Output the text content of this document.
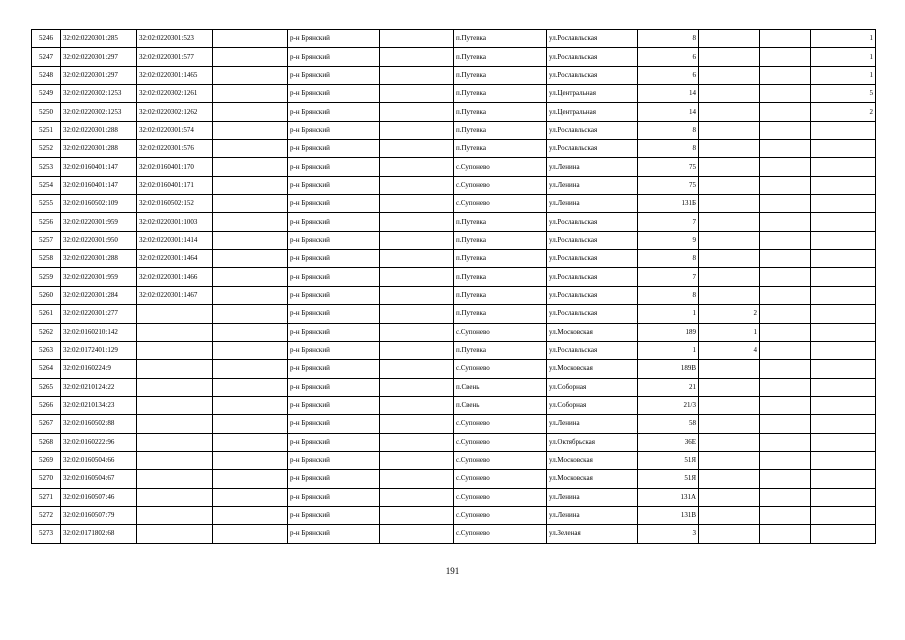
5246	32:02:0220301:285	32:02:0220301:523		р-н Брянский		п.Путевка	ул.Рославльская	8			1
5247	32:02:0220301:297	32:02:0220301:577		р-н Брянский		п.Путевка	ул.Рославльская	6			1
5248	32:02:0220301:297	32:02:0220301:1465		р-н Брянский		п.Путевка	ул.Рославльская	6			1
5249	32:02:0220302:1253	32:02:0220302:1261		р-н Брянский		п.Путевка	ул.Центральная	14			5
5250	32:02:0220302:1253	32:02:0220302:1262		р-н Брянский		п.Путевка	ул.Центральная	14			2
5251	32:02:0220301:288	32:02:0220301:574		р-н Брянский		п.Путевка	ул.Рославльская	8			
5252	32:02:0220301:288	32:02:0220301:576		р-н Брянский		п.Путевка	ул.Рославльская	8			
5253	32:02:0160401:147	32:02:0160401:170		р-н Брянский		с.Супонево	ул.Ленина	75			
5254	32:02:0160401:147	32:02:0160401:171		р-н Брянский		с.Супонево	ул.Ленина	75			
5255	32:02:0160502:109	32:02:0160502:152		р-н Брянский		с.Супонево	ул.Ленина	131Б			
5256	32:02:0220301:959	32:02:0220301:1003		р-н Брянский		п.Путевка	ул.Рославльская	7			
5257	32:02:0220301:950	32:02:0220301:1414		р-н Брянский		п.Путевка	ул.Рославльская	9			
5258	32:02:0220301:288	32:02:0220301:1464		р-н Брянский		п.Путевка	ул.Рославльская	8			
5259	32:02:0220301:959	32:02:0220301:1466		р-н Брянский		п.Путевка	ул.Рославльская	7			
5260	32:02:0220301:284	32:02:0220301:1467		р-н Брянский		п.Путевка	ул.Рославльская	8			
5261	32:02:0220301:277			р-н Брянский		п.Путевка	ул.Рославльская	1	2		
5262	32:02:0160210:142			р-н Брянский		с.Супонево	ул.Московская	189	1		
5263	32:02:0172401:129			р-н Брянский		п.Путевка	ул.Рославльская	1	4		
5264	32:02:0160224:9			р-н Брянский		с.Супонево	ул.Московская	189В			
5265	32:02:0210124:22			р-н Брянский		п.Свень	ул.Соборная	21			
5266	32:02:0210134:23			р-н Брянский		п.Свень	ул.Соборная	21/3			
5267	32:02:0160502:88			р-н Брянский		с.Супонево	ул.Ленина	58			
5268	32:02:0160222:96			р-н Брянский		с.Супонево	ул.Октябрьская	36Е			
5269	32:02:0160504:66			р-н Брянский		с.Супонево	ул.Московская	51Я			
5270	32:02:0160504:67			р-н Брянский		с.Супонево	ул.Московская	51Я			
5271	32:02:0160507:46			р-н Брянский		с.Супонево	ул.Ленина	131А			
5272	32:02:0160507:79			р-н Брянский		с.Супонево	ул.Ленина	131В			
5273	32:02:0171802:68			р-н Брянский		с.Супонево	ул.Зеленая	3			
191
